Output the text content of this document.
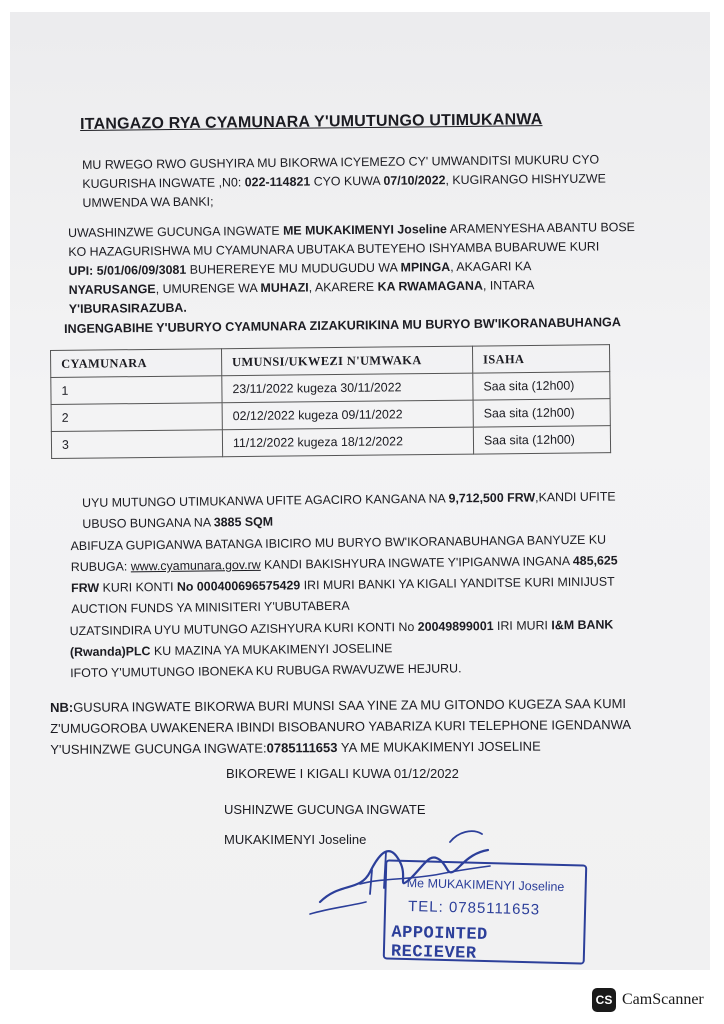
ITANGAZO RYA CYAMUNARA Y'UMUTUNGO UTIMUKANWA
MU RWEGO RWO GUSHYIRA MU BIKORWA ICYEMEZO CY' UMWANDITSI MUKURU CYO
KUGURISHA INGWATE ,N0: 022-114821 CYO KUWA 07/10/2022, KUGIRANGO HISHYUZWE
UMWENDA WA BANKI;
UWASHINZWE GUCUNGA INGWATE ME MUKAKIMENYI Joseline ARAMENYESHA ABANTU BOSE
KO HAZAGURISHWA MU CYAMUNARA UBUTAKA BUTEYEHO ISHYAMBA BUBARUWE KURI
UPI: 5/01/06/09/3081 BUHEREREYE MU MUDUGUDU WA MPINGA, AKAGARI KA
NYARUSANGE, UMURENGE WA MUHAZI, AKARERE KA RWAMAGANA, INTARA
Y'IBURASIRAZUBA.
INGENGABIHE Y'UBURYO CYAMUNARA ZIZAKURIKINA MU BURYO BW'IKORANABUHANGA
CYAMUNARA	UMUNSI/UKWEZI N'UMWAKA	ISAHA
1	23/11/2022 kugeza 30/11/2022	Saa sita (12h00)
2	02/12/2022 kugeza 09/11/2022	Saa sita (12h00)
3	11/12/2022 kugeza 18/12/2022	Saa sita (12h00)
UYU MUTUNGO UTIMUKANWA UFITE AGACIRO KANGANA NA 9,712,500 FRW,KANDI UFITE
UBUSO BUNGANA NA 3885 SQM
ABIFUZA GUPIGANWA BATANGA IBICIRO MU BURYO BW'IKORANABUHANGA BANYUZE KU
RUBUGA: www.cyamunara.gov.rw KANDI BAKISHYURA INGWATE Y'IPIGANWA INGANA 485,625
FRW KURI KONTI No 000400696575429 IRI MURI BANKI YA KIGALI YANDITSE KURI MINIJUST
AUCTION FUNDS YA MINISITERI Y'UBUTABERA
UZATSINDIRA UYU MUTUNGO AZISHYURA KURI KONTI No 20049899001 IRI MURI I&M BANK
(Rwanda)PLC KU MAZINA YA MUKAKIMENYI JOSELINE
IFOTO Y'UMUTUNGO IBONEKA KU RUBUGA RWAVUZWE HEJURU.
NB:GUSURA INGWATE BIKORWA BURI MUNSI SAA YINE ZA MU GITONDO KUGEZA SAA KUMI
Z'UMUGOROBA UWAKENERA IBINDI BISOBANURO YABARIZA KURI TELEPHONE IGENDANWA
Y'USHINZWE GUCUNGA INGWATE:0785111653 YA ME MUKAKIMENYI JOSELINE
BIKOREWE I KIGALI KUWA 01/12/2022
USHINZWE GUCUNGA INGWATE
MUKAKIMENYI Joseline
Me MUKAKIMENYI Joseline
TEL: 0785111653
APPOINTED RECIEVER
CS CamScanner
